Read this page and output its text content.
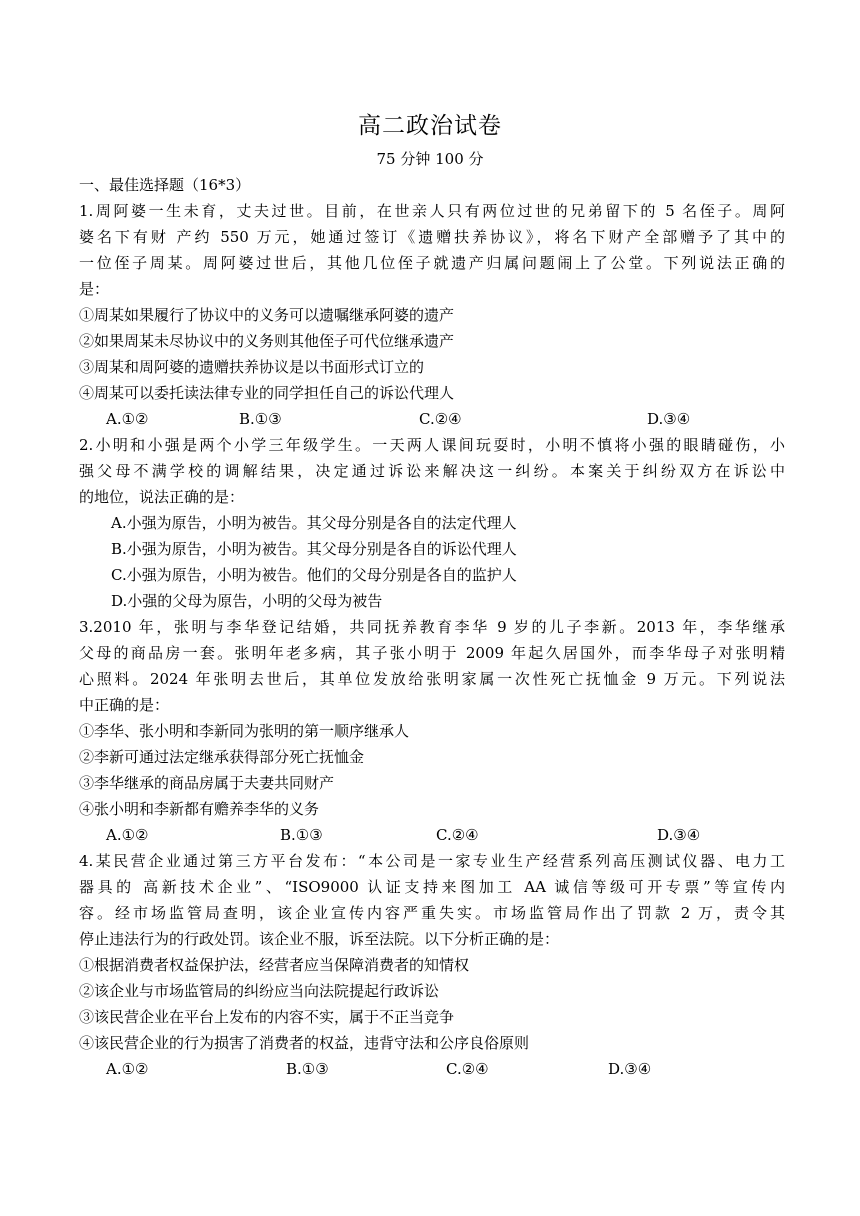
高二政治试卷
75 分钟 100 分
一、最佳选择题（16*3）
1.周阿婆一生未育，丈夫过世。目前，在世亲人只有两位过世的兄弟留下的 5 名侄子。周阿
婆名下有财 产约 550 万元，她通过签订《遗赠扶养协议》，将名下财产全部赠予了其中的
一位侄子周某。周阿婆过世后，其他几位侄子就遗产归属问题闹上了公堂。下列说法正确的
是：
①周某如果履行了协议中的义务可以遗嘱继承阿婆的遗产
②如果周某未尽协议中的义务则其他侄子可代位继承遗产
③周某和周阿婆的遗赠扶养协议是以书面形式订立的
④周某可以委托读法律专业的同学担任自己的诉讼代理人
A.①②	B.①③	C.②④	D.③④
2.小明和小强是两个小学三年级学生。一天两人课间玩耍时，小明不慎将小强的眼睛碰伤，小
强父母不满学校的调解结果，决定通过诉讼来解决这一纠纷。本案关于纠纷双方在诉讼中
的地位，说法正确的是：
A.小强为原告，小明为被告。其父母分别是各自的法定代理人
B.小强为原告，小明为被告。其父母分别是各自的诉讼代理人
C.小强为原告，小明为被告。他们的父母分别是各自的监护人
D.小强的父母为原告，小明的父母为被告
3.2010 年，张明与李华登记结婚，共同抚养教育李华 9 岁的儿子李新。2013 年，李华继承
父母的商品房一套。张明年老多病，其子张小明于 2009 年起久居国外，而李华母子对张明精
心照料。2024 年张明去世后，其单位发放给张明家属一次性死亡抚恤金 9 万元。下列说法
中正确的是：
①李华、张小明和李新同为张明的第一顺序继承人
②李新可通过法定继承获得部分死亡抚恤金
③李华继承的商品房属于夫妻共同财产
④张小明和李新都有赡养李华的义务
A.①②	B.①③	C.②④	D.③④
4.某民营企业通过第三方平台发布：“本公司是一家专业生产经营系列高压测试仪器、电力工
器具的 高新技术企业”、“ISO9000 认证支持来图加工 AA 诚信等级可开专票”等宣传内
容。经市场监管局查明，该企业宣传内容严重失实。市场监管局作出了罚款 2 万，责令其
停止违法行为的行政处罚。该企业不服，诉至法院。以下分析正确的是：
①根据消费者权益保护法，经营者应当保障消费者的知情权
②该企业与市场监管局的纠纷应当向法院提起行政诉讼
③该民营企业在平台上发布的内容不实，属于不正当竞争
④该民营企业的行为损害了消费者的权益，违背守法和公序良俗原则
A.①②	B.①③	C.②④	D.③④
